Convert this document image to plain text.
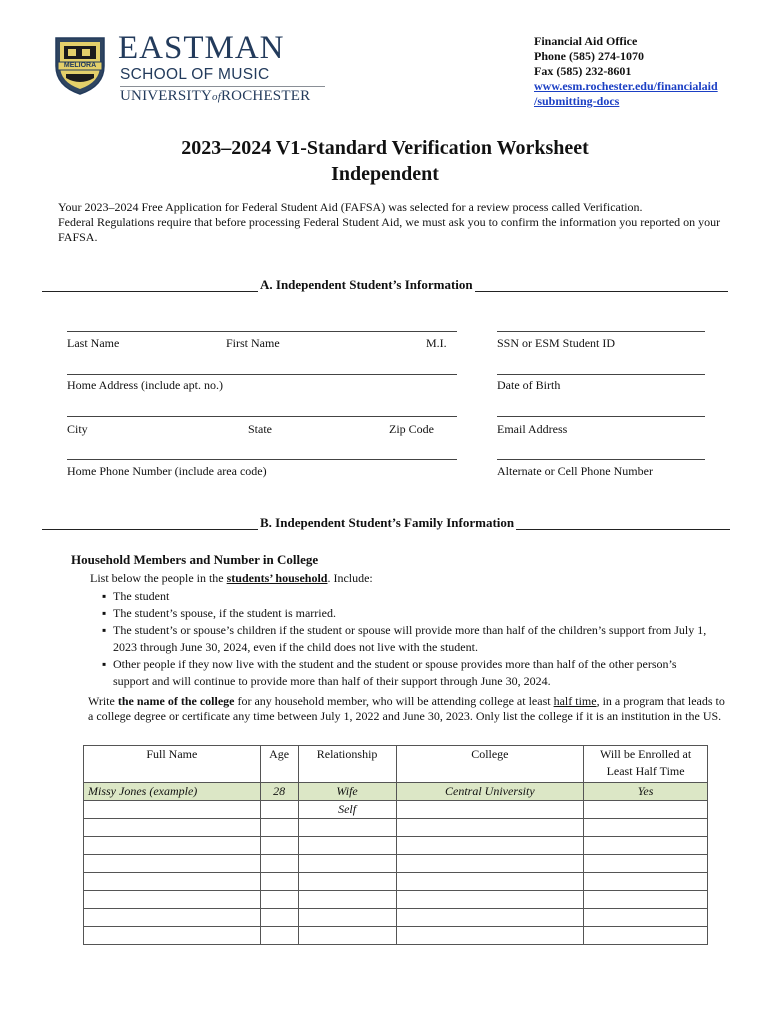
MELIORA EASTMAN
SCHOOL OF MUSIC
UNIVERSITYofROCHESTER
Financial Aid Office
Phone (585) 274-1070
Fax (585) 232-8601
www.esm.rochester.edu/financialaid
/submitting-docs
2023–2024 V1-Standard Verification Worksheet
Independent
Your 2023–2024 Free Application for Federal Student Aid (FAFSA) was selected for a review process called Verification.
Federal Regulations require that before processing Federal Student Aid, we must ask you to confirm the information you reported on your FAFSA.
A. Independent Student’s Information
Last Name	First Name	M.I.	SSN or ESM Student ID
Home Address (include apt. no.)	Date of Birth
City	State	Zip Code	Email Address
Home Phone Number (include area code)	Alternate or Cell Phone Number
B. Independent Student’s Family Information
Household Members and Number in College
List below the people in the students’ household. Include:
▪ The student
▪ The student’s spouse, if the student is married.
▪ The student’s or spouse’s children if the student or spouse will provide more than half of the children’s support from July 1, 2023 through June 30, 2024, even if the child does not live with the student.
▪ Other people if they now live with the student and the student or spouse provides more than half of the other person’s support and will continue to provide more than half of their support through June 30, 2024.
Write the name of the college for any household member, who will be attending college at least half time, in a program that leads to a college degree or certificate any time between July 1, 2022 and June 30, 2023. Only list the college if it is an institution in the US.
Full Name	Age	Relationship	College	Will be Enrolled at Least Half Time
Missy Jones (example)	28	Wife	Central University	Yes
		Self		
